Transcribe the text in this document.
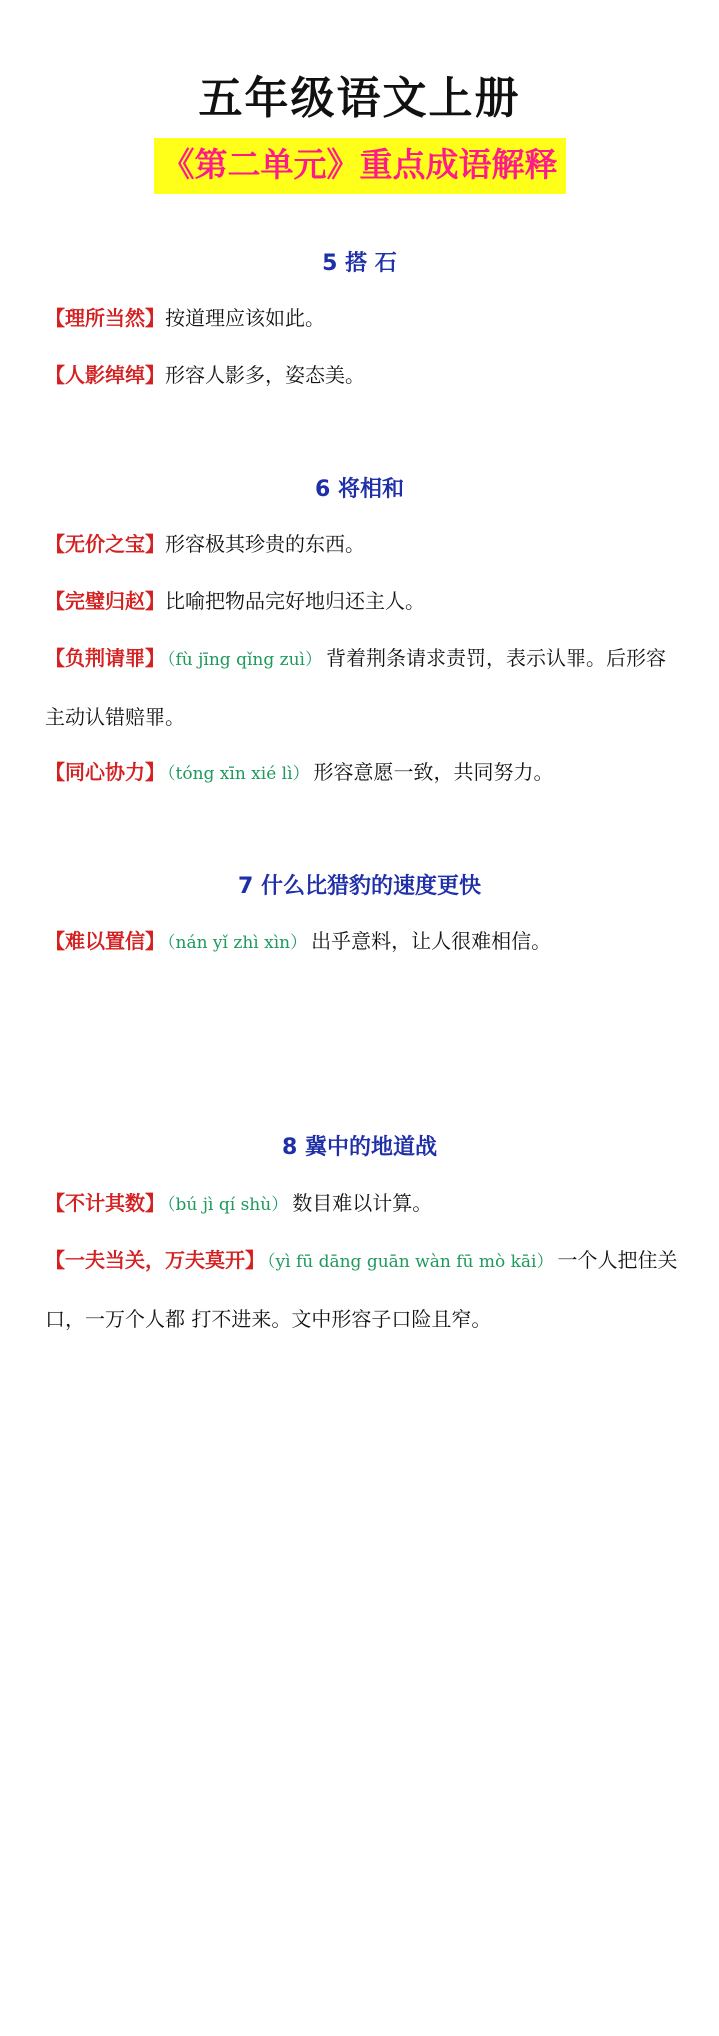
五年级语文上册
《第二单元》重点成语解释
5 搭 石
【理所当然】按道理应该如此。
【人影绰绰】形容人影多，姿态美。
6 将相和
【无价之宝】形容极其珍贵的东西。
【完璧归赵】比喻把物品完好地归还主人。
【负荆请罪】 （fù jīng qǐng zuì） 背着荆条请求责罚，表示认罪。后形容主动认错赔罪。
【同心协力】 （tóng xīn xié lì） 形容意愿一致，共同努力。
7 什么比猎豹的速度更快
【难以置信】 （nán yǐ zhì xìn） 出乎意料，让人很难相信。
8 冀中的地道战
【不计其数】 （bú jì qí shù） 数目难以计算。
【一夫当关，万夫莫开】 （yì fū dāng guān wàn fū mò kāi） 一个人把住关口，一万个人都 打不进来。文中形容子口险且窄。
